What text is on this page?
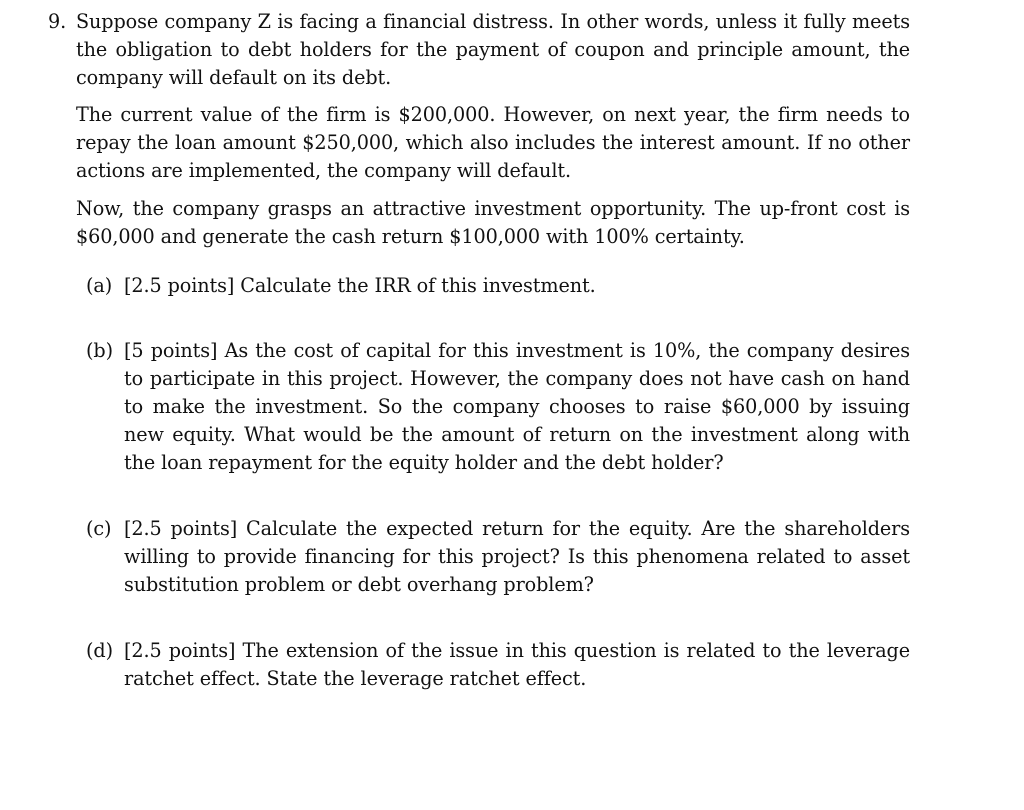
9. Suppose company Z is facing a financial distress. In other words, unless it fully meets the obligation to debt holders for the payment of coupon and principle amount, the company will default on its debt.

The current value of the firm is $200,000. However, on next year, the firm needs to repay the loan amount $250,000, which also includes the interest amount. If no other actions are implemented, the company will default.

Now, the company grasps an attractive investment opportunity. The up-front cost is $60,000 and generate the cash return $100,000 with 100% certainty.

(a) [2.5 points] Calculate the IRR of this investment.
(b) [5 points] As the cost of capital for this investment is 10%, the company desires to participate in this project. However, the company does not have cash on hand to make the investment. So the company chooses to raise $60,000 by issuing new equity. What would be the amount of return on the investment along with the loan repayment for the equity holder and the debt holder?
(c) [2.5 points] Calculate the expected return for the equity. Are the shareholders willing to provide financing for this project? Is this phenomena related to asset substitution problem or debt overhang problem?
(d) [2.5 points] The extension of the issue in this question is related to the leverage ratchet effect. State the leverage ratchet effect.
